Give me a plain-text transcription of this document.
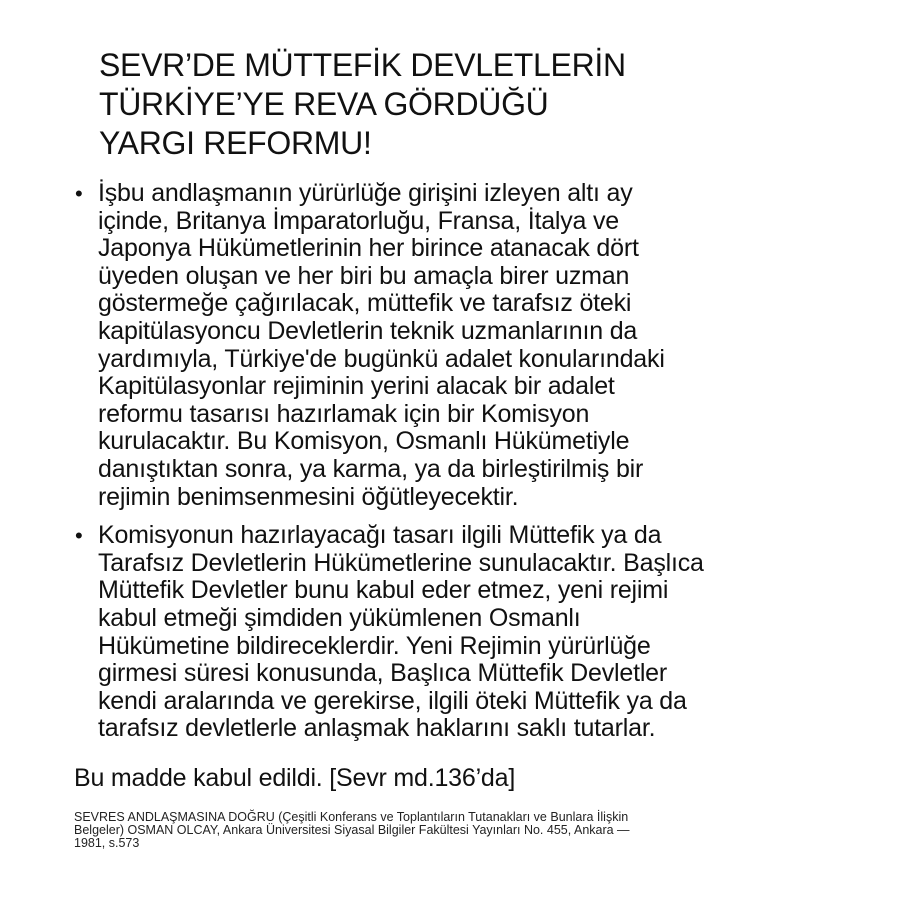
SEVR’DE MÜTTEFİK DEVLETLERİN
TÜRKİYE’YE REVA GÖRDÜĞÜ
YARGI REFORMU!
• İşbu andlaşmanın yürürlüğe girişini izleyen altı ay
içinde, Britanya İmparatorluğu, Fransa, İtalya ve
Japonya Hükümetlerinin her birince atanacak dört
üyeden oluşan ve her biri bu amaçla birer uzman
göstermeğe çağırılacak, müttefik ve tarafsız öteki
kapitülasyoncu Devletlerin teknik uzmanlarının da
yardımıyla, Türkiye'de bugünkü adalet konularındaki
Kapitülasyonlar rejiminin yerini alacak bir adalet
reformu tasarısı hazırlamak için bir Komisyon
kurulacaktır. Bu Komisyon, Osmanlı Hükümetiyle
danıştıktan sonra, ya karma, ya da birleştirilmiş bir
rejimin benimsenmesini öğütleyecektir.
• Komisyonun hazırlayacağı tasarı ilgili Müttefik ya da
Tarafsız Devletlerin Hükümetlerine sunulacaktır. Başlıca
Müttefik Devletler bunu kabul eder etmez, yeni rejimi
kabul etmeği şimdiden yükümlenen Osmanlı
Hükümetine bildireceklerdir. Yeni Rejimin yürürlüğe
girmesi süresi konusunda, Başlıca Müttefik Devletler
kendi aralarında ve gerekirse, ilgili öteki Müttefik ya da
tarafsız devletlerle anlaşmak haklarını saklı tutarlar.
Bu madde kabul edildi. [Sevr md.136’da]
SEVRES ANDLAŞMASINA DOĞRU (Çeşitli Konferans ve Toplantıların Tutanakları ve Bunlara İlişkin
Belgeler) OSMAN OLCAY, Ankara Üniversitesi Siyasal Bilgiler Fakültesi Yayınları No. 455, Ankara —
1981, s.573
